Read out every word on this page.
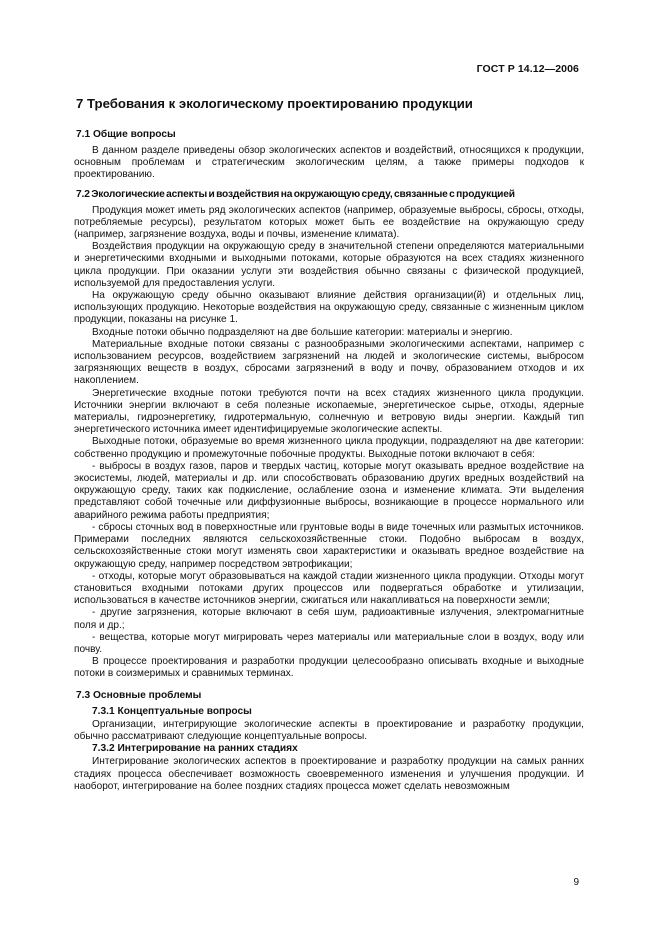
ГОСТ Р 14.12—2006
7 Требования к экологическому проектированию продукции
7.1 Общие вопросы

В данном разделе приведены обзор экологических аспектов и воздействий, относящихся к продукции, основным проблемам и стратегическим экологическим целям, а также примеры подходов к проектированию.

7.2 Экологические аспекты и воздействия на окружающую среду, связанные с продукцией

Продукция может иметь ряд экологических аспектов (например, образуемые выбросы, сбросы, отходы, потребляемые ресурсы), результатом которых может быть ее воздействие на окружающую среду (например, загрязнение воздуха, воды и почвы, изменение климата).

Воздействия продукции на окружающую среду в значительной степени определяются материальными и энергетическими входными и выходными потоками, которые образуются на всех стадиях жизненного цикла продукции. При оказании услуги эти воздействия обычно связаны с физической продукцией, используемой для предоставления услуги.

На окружающую среду обычно оказывают влияние действия организации(й) и отдельных лиц, использующих продукцию. Некоторые воздействия на окружающую среду, связанные с жизненным циклом продукции, показаны на рисунке 1.

Входные потоки обычно подразделяют на две большие категории: материалы и энергию.

Материальные входные потоки связаны с разнообразными экологическими аспектами, например с использованием ресурсов, воздействием загрязнений на людей и экологические системы, выбросом загрязняющих веществ в воздух, сбросами загрязнений в воду и почву, образованием отходов и их накоплением.

Энергетические входные потоки требуются почти на всех стадиях жизненного цикла продукции. Источники энергии включают в себя полезные ископаемые, энергетическое сырье, отходы, ядерные материалы, гидроэнергетику, гидротермальную, солнечную и ветровую виды энергии. Каждый тип энергетического источника имеет идентифицируемые экологические аспекты.

Выходные потоки, образуемые во время жизненного цикла продукции, подразделяют на две категории: собственно продукцию и промежуточные побочные продукты. Выходные потоки включают в себя:

- выбросы в воздух газов, паров и твердых частиц, которые могут оказывать вредное воздействие на экосистемы, людей, материалы и др. или способствовать образованию других вредных воздействий на окружающую среду, таких как подкисление, ослабление озона и изменение климата. Эти выделения представляют собой точечные или диффузионные выбросы, возникающие в процессе нормального или аварийного режима работы предприятия;

- сбросы сточных вод в поверхностные или грунтовые воды в виде точечных или размытых источников. Примерами последних являются сельскохозяйственные стоки. Подобно выбросам в воздух, сельскохозяйственные стоки могут изменять свои характеристики и оказывать вредное воздействие на окружающую среду, например посредством эвтрофикации;

- отходы, которые могут образовываться на каждой стадии жизненного цикла продукции. Отходы могут становиться входными потоками других процессов или подвергаться обработке и утилизации, использоваться в качестве источников энергии, сжигаться или накапливаться на поверхности земли;

- другие загрязнения, которые включают в себя шум, радиоактивные излучения, электромагнитные поля и др.;

- вещества, которые могут мигрировать через материалы или материальные слои в воздух, воду или почву.

В процессе проектирования и разработки продукции целесообразно описывать входные и выходные потоки в соизмеримых и сравнимых терминах.

7.3 Основные проблемы
7.3.1 Концептуальные вопросы

Организации, интегрирующие экологические аспекты в проектирование и разработку продукции, обычно рассматривают следующие концептуальные вопросы.

7.3.2 Интегрирование на ранних стадиях

Интегрирование экологических аспектов в проектирование и разработку продукции на самых ранних стадиях процесса обеспечивает возможность своевременного изменения и улучшения продукции. И наоборот, интегрирование на более поздних стадиях процесса может сделать невозможным

9
